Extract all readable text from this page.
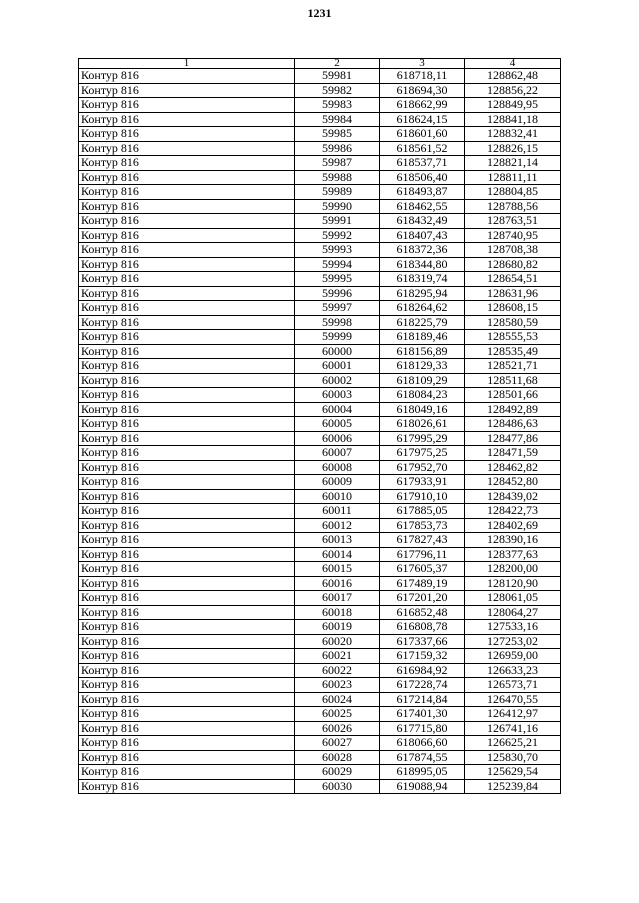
1231
1	2	3	4
Контур 816	59981	618718,11	128862,48
Контур 816	59982	618694,30	128856,22
Контур 816	59983	618662,99	128849,95
Контур 816	59984	618624,15	128841,18
Контур 816	59985	618601,60	128832,41
Контур 816	59986	618561,52	128826,15
Контур 816	59987	618537,71	128821,14
Контур 816	59988	618506,40	128811,11
Контур 816	59989	618493,87	128804,85
Контур 816	59990	618462,55	128788,56
Контур 816	59991	618432,49	128763,51
Контур 816	59992	618407,43	128740,95
Контур 816	59993	618372,36	128708,38
Контур 816	59994	618344,80	128680,82
Контур 816	59995	618319,74	128654,51
Контур 816	59996	618295,94	128631,96
Контур 816	59997	618264,62	128608,15
Контур 816	59998	618225,79	128580,59
Контур 816	59999	618189,46	128555,53
Контур 816	60000	618156,89	128535,49
Контур 816	60001	618129,33	128521,71
Контур 816	60002	618109,29	128511,68
Контур 816	60003	618084,23	128501,66
Контур 816	60004	618049,16	128492,89
Контур 816	60005	618026,61	128486,63
Контур 816	60006	617995,29	128477,86
Контур 816	60007	617975,25	128471,59
Контур 816	60008	617952,70	128462,82
Контур 816	60009	617933,91	128452,80
Контур 816	60010	617910,10	128439,02
Контур 816	60011	617885,05	128422,73
Контур 816	60012	617853,73	128402,69
Контур 816	60013	617827,43	128390,16
Контур 816	60014	617796,11	128377,63
Контур 816	60015	617605,37	128200,00
Контур 816	60016	617489,19	128120,90
Контур 816	60017	617201,20	128061,05
Контур 816	60018	616852,48	128064,27
Контур 816	60019	616808,78	127533,16
Контур 816	60020	617337,66	127253,02
Контур 816	60021	617159,32	126959,00
Контур 816	60022	616984,92	126633,23
Контур 816	60023	617228,74	126573,71
Контур 816	60024	617214,84	126470,55
Контур 816	60025	617401,30	126412,97
Контур 816	60026	617715,80	126741,16
Контур 816	60027	618066,60	126625,21
Контур 816	60028	617874,55	125830,70
Контур 816	60029	618995,05	125629,54
Контур 816	60030	619088,94	125239,84
